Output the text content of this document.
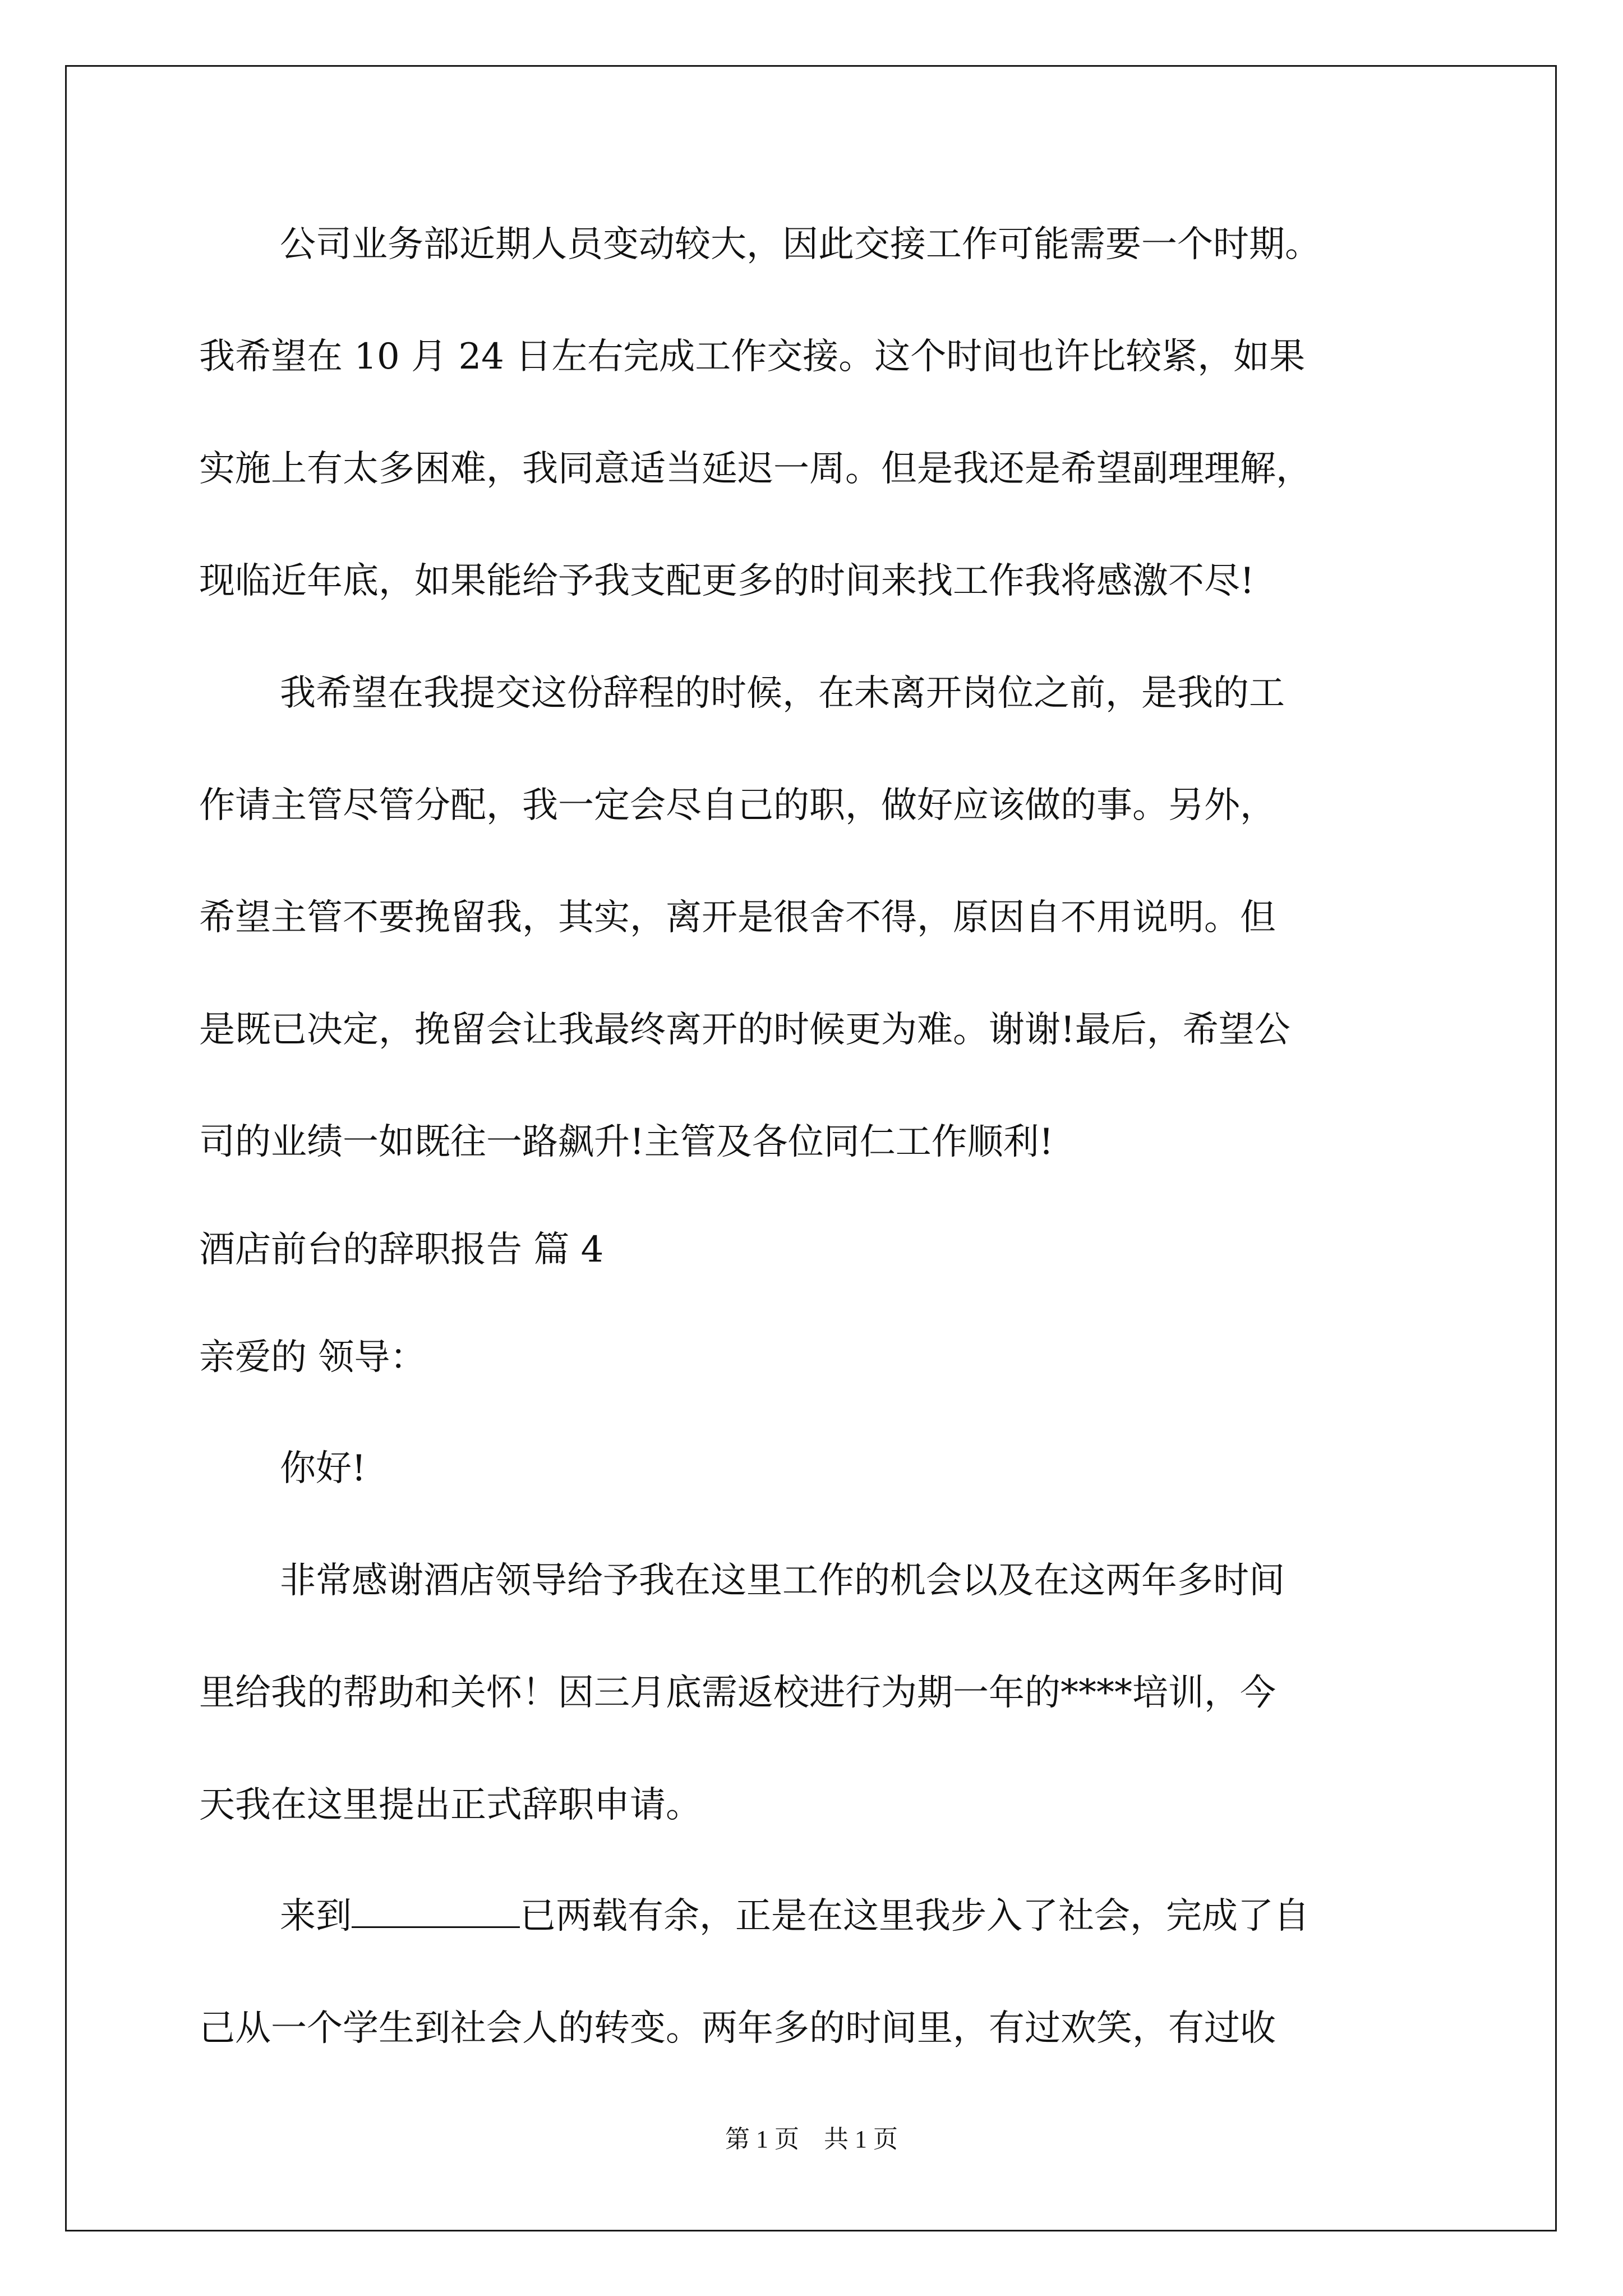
公司业务部近期人员变动较大，因此交接工作可能需要一个时期。
我希望在 10 月 24 日左右完成工作交接。这个时间也许比较紧，如果
实施上有太多困难，我同意适当延迟一周。但是我还是希望副理理解，
现临近年底，如果能给予我支配更多的时间来找工作我将感激不尽!
我希望在我提交这份辞程的时候，在未离开岗位之前，是我的工
作请主管尽管分配，我一定会尽自己的职，做好应该做的事。另外，
希望主管不要挽留我，其实，离开是很舍不得，原因自不用说明。但
是既已决定，挽留会让我最终离开的时候更为难。谢谢!最后，希望公
司的业绩一如既往一路飙升!主管及各位同仁工作顺利!
酒店前台的辞职报告 篇 4
亲爱的 领导：
你好!
非常感谢酒店领导给予我在这里工作的机会以及在这两年多时间
里给我的帮助和关怀！因三月底需返校进行为期一年的****培训，今
天我在这里提出正式辞职申请。
来到	已两载有余，正是在这里我步入了社会，完成了自
己从一个学生到社会人的转变。两年多的时间里，有过欢笑，有过收
第 1 页　共 1 页
